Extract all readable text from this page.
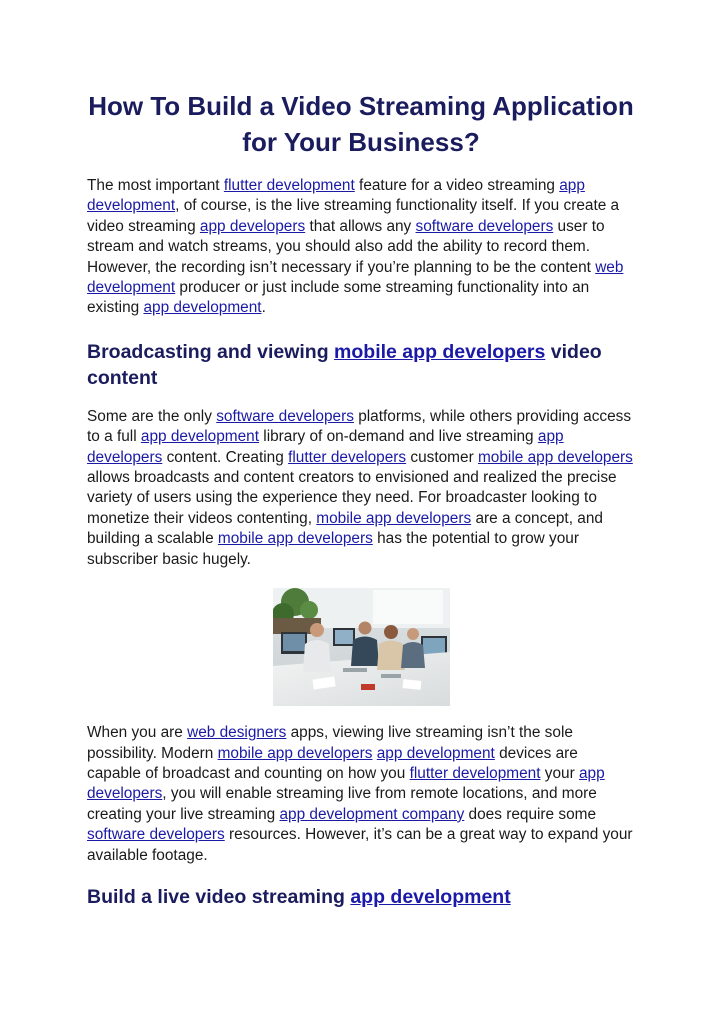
How To Build a Video Streaming Application for Your Business?

The most important flutter development feature for a video streaming app development, of course, is the live streaming functionality itself. If you create a video streaming app developers that allows any software developers user to stream and watch streams, you should also add the ability to record them. However, the recording isn’t necessary if you’re planning to be the content web development producer or just include some streaming functionality into an existing app development.

Broadcasting and viewing mobile app developers video content

Some are the only software developers platforms, while others providing access to a full app development library of on-demand and live streaming app developers content. Creating flutter developers customer mobile app developers allows broadcasts and content creators to envisioned and realized the precise variety of users using the experience they need. For broadcaster looking to monetize their videos contenting, mobile app developers are a concept, and building a scalable mobile app developers has the potential to grow your subscriber basic hugely.

When you are web designers apps, viewing live streaming isn’t the sole possibility. Modern mobile app developers app development devices are capable of broadcast and counting on how you flutter development your app developers, you will enable streaming live from remote locations, and more creating your live streaming app development company does require some software developers resources. However, it’s can be a great way to expand your available footage.

Build a live video streaming app development
